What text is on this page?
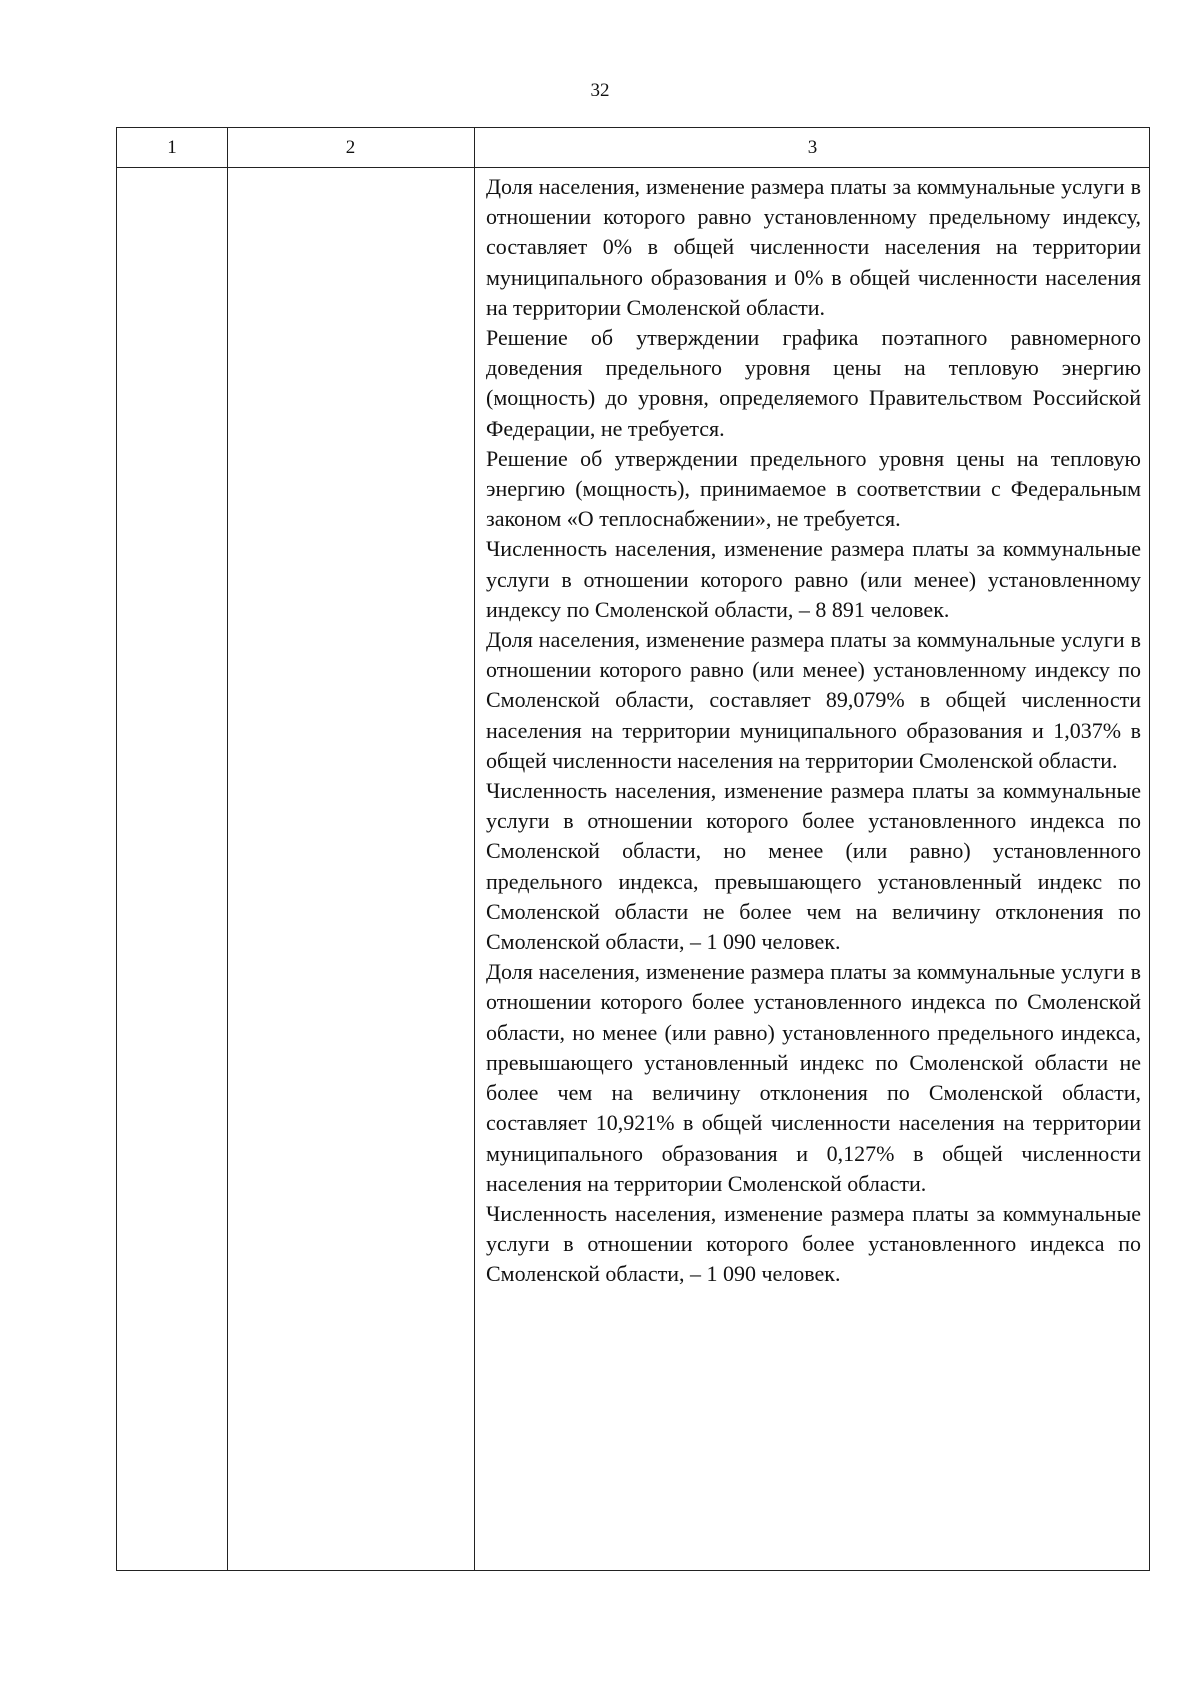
32
1	2	3

Доля населения, изменение размера платы за коммунальные услуги в отношении которого равно установленному предельному индексу, составляет 0% в общей численности населения на территории муниципального образования и 0% в общей численности населения на территории Смоленской области.

Решение об утверждении графика поэтапного равномерного доведения предельного уровня цены на тепловую энергию (мощность) до уровня, определяемого Правительством Российской Федерации, не требуется.

Решение об утверждении предельного уровня цены на тепловую энергию (мощность), принимаемое в соответствии с Федеральным законом «О теплоснабжении», не требуется.

Численность населения, изменение размера платы за коммунальные услуги в отношении которого равно (или менее) установленному индексу по Смоленской области, – 8 891 человек.

Доля населения, изменение размера платы за коммунальные услуги в отношении которого равно (или менее) установленному индексу по Смоленской области, составляет 89,079% в общей численности населения на территории муниципального образования и 1,037% в общей численности населения на территории Смоленской области.

Численность населения, изменение размера платы за коммунальные услуги в отношении которого более установленного индекса по Смоленской области, но менее (или равно) установленного предельного индекса, превышающего установленный индекс по Смоленской области не более чем на величину отклонения по Смоленской области, – 1 090 человек.

Доля населения, изменение размера платы за коммунальные услуги в отношении которого более установленного индекса по Смоленской области, но менее (или равно) установленного предельного индекса, превышающего установленный индекс по Смоленской области не более чем на величину отклонения по Смоленской области, составляет 10,921% в общей численности населения на территории муниципального образования и 0,127% в общей численности населения на территории Смоленской области.

Численность населения, изменение размера платы за коммунальные услуги в отношении которого более установленного индекса по Смоленской области, – 1 090 человек.
